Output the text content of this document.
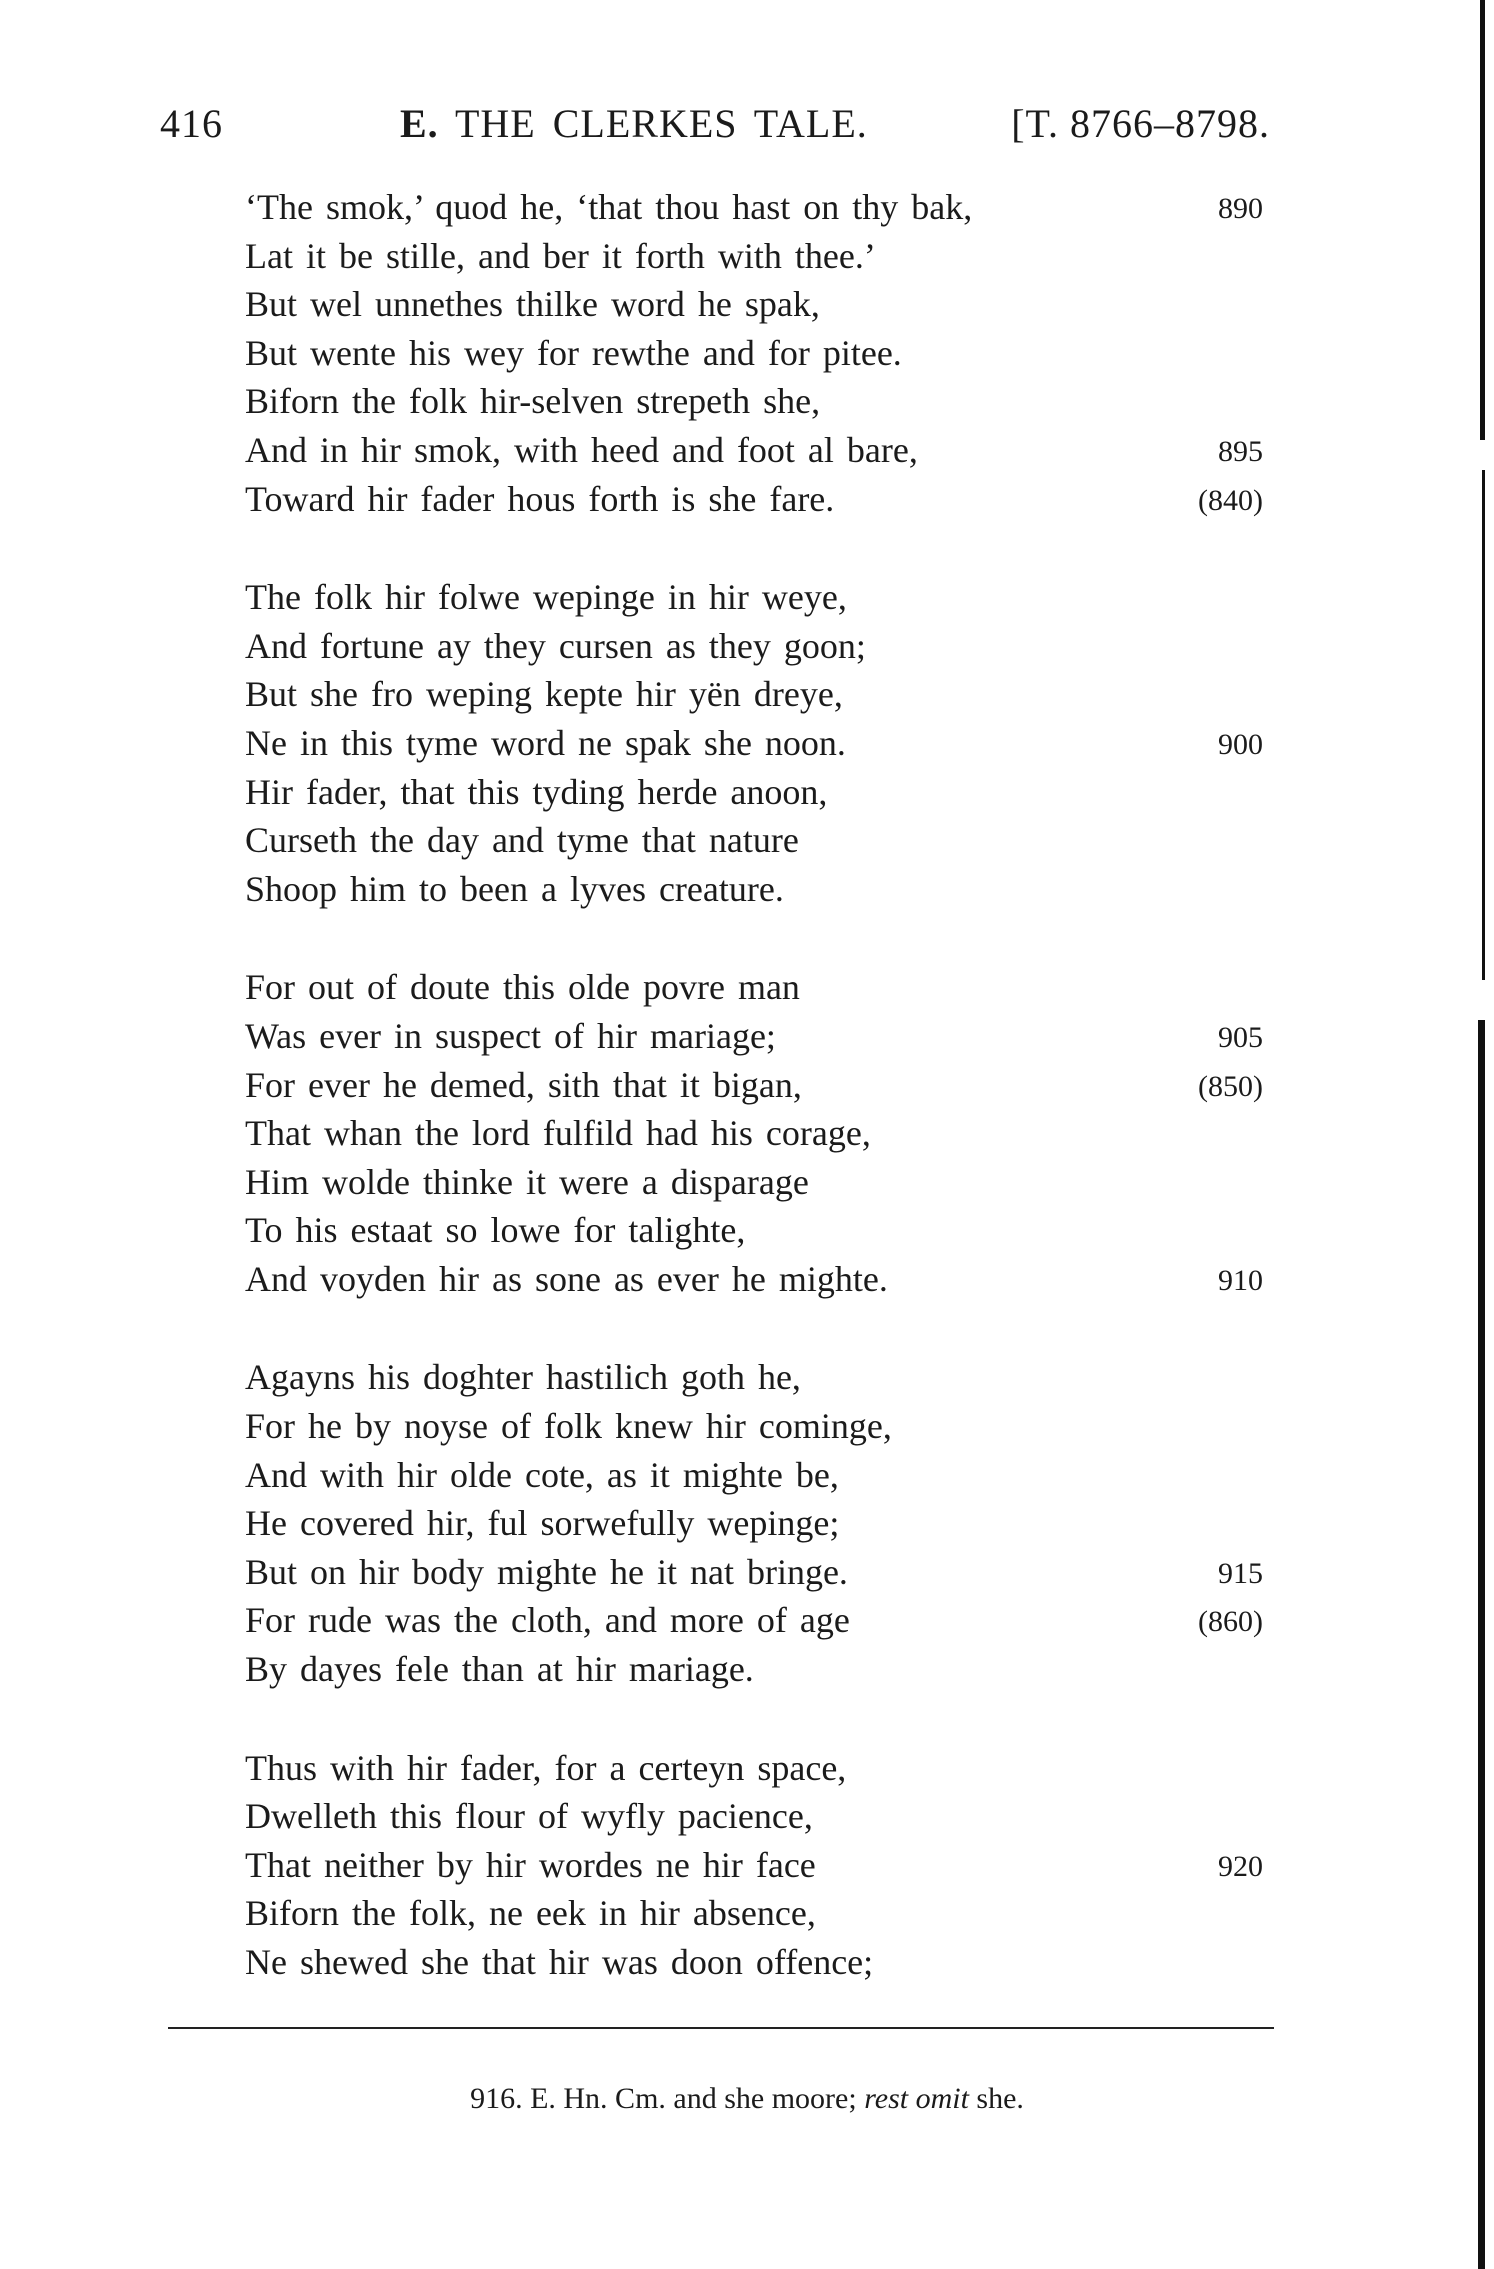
416	E. THE CLERKES TALE.	[T. 8766–8798.
‘The smok,’ quod he, ‘that thou hast on thy bak,	890
Lat it be stille, and ber it forth with thee.’
But wel unnethes thilke word he spak,
But wente his wey for rewthe and for pitee.
Biforn the folk hir-selven strepeth she,
And in hir smok, with heed and foot al bare,	895
Toward hir fader hous forth is she fare.	(840)
The folk hir folwe wepinge in hir weye,
And fortune ay they cursen as they goon;
But she fro weping kepte hir yën dreye,
Ne in this tyme word ne spak she noon.	900
Hir fader, that this tyding herde anoon,
Curseth the day and tyme that nature
Shoop him to been a lyves creature.
For out of doute this olde povre man
Was ever in suspect of hir mariage;	905
For ever he demed, sith that it bigan,	(850)
That whan the lord fulfild had his corage,
Him wolde thinke it were a disparage
To his estaat so lowe for talighte,
And voyden hir as sone as ever he mighte.	910
Agayns his doghter hastilich goth he,
For he by noyse of folk knew hir cominge,
And with hir olde cote, as it mighte be,
He covered hir, ful sorwefully wepinge;
But on hir body mighte he it nat bringe.	915
For rude was the cloth, and more of age	(860)
By dayes fele than at hir mariage.
Thus with hir fader, for a certeyn space,
Dwelleth this flour of wyfly pacience,
That neither by hir wordes ne hir face	920
Biforn the folk, ne eek in hir absence,
Ne shewed she that hir was doon offence;
916. E. Hn. Cm. and she moore; rest omit she.
